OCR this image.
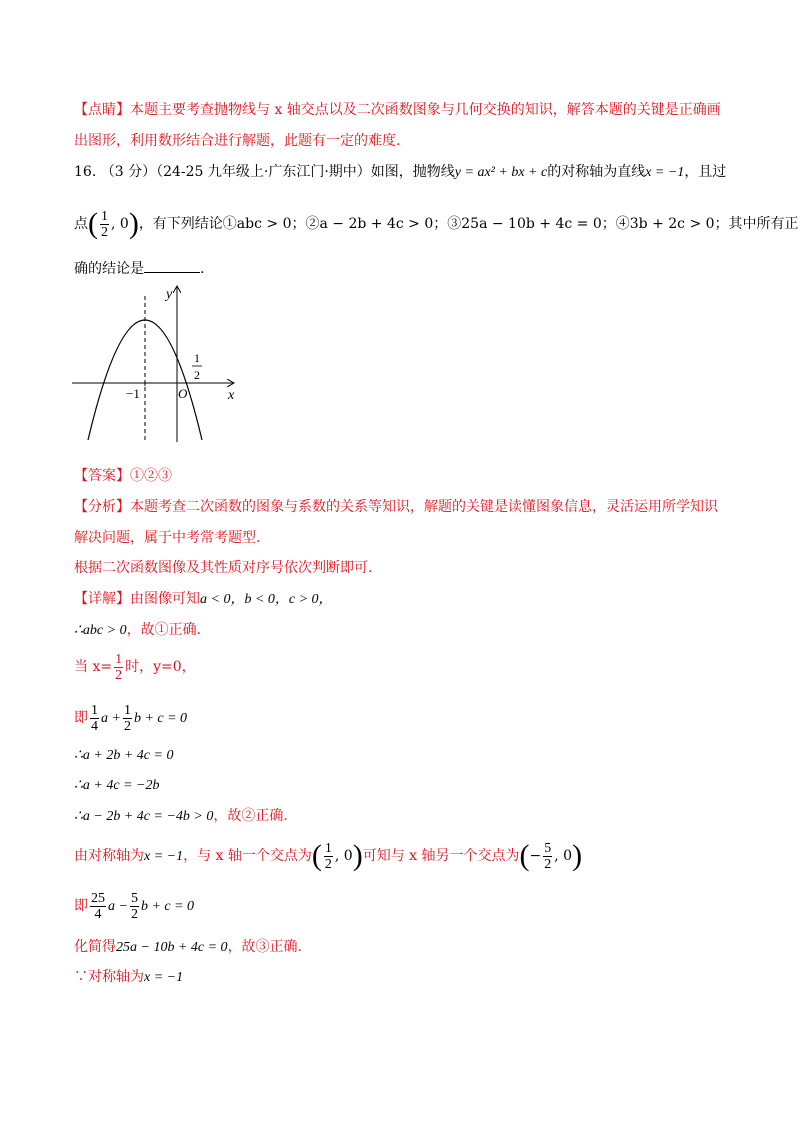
【点睛】本题主要考查抛物线与 x 轴交点以及二次函数图象与几何交换的知识，解答本题的关键是正确画
出图形，利用数形结合进行解题，此题有一定的难度.
16. （3 分）（24-25 九年级上·广东江门·期中）如图，抛物线y = ax² + bx + c的对称轴为直线x = −1，且过
点( $\frac{1}{2}$ , 0)，有下列结论①abc > 0；②a − 2b + 4c > 0；③25a − 10b + 4c = 0；④3b + 2c > 0；其中所有正
确的结论是	.
y
x
O
−1
1
2
【答案】①②③
【分析】本题考查二次函数的图象与系数的关系等知识，解题的关键是读懂图象信息，灵活运用所学知识
解决问题，属于中考常考题型.
根据二次函数图像及其性质对序号依次判断即可.
【详解】由图像可知a < 0，b < 0，c > 0，
∴abc > 0，故①正确.
当 $x= \frac{1}{2}$ 时，y=0，
即 $\frac{1}{4}$ $a + \frac{1}{2}$ b + c = 0
∴a + 2b + 4c = 0
∴a + 4c = −2b
∴a − 2b + 4c = −4b > 0，故②正确.
由对称轴为x = −1，与 x 轴一个交点为( $\frac{1}{2}$ , 0)可知与 x 轴另一个交点为(− $\frac{5}{2}$ , 0)
即 $\frac{25}{4}$ $a - \frac{5}{2}$ b + c = 0
化简得25a − 10b + 4c = 0，故③正确.
∵对称轴为x = −1
